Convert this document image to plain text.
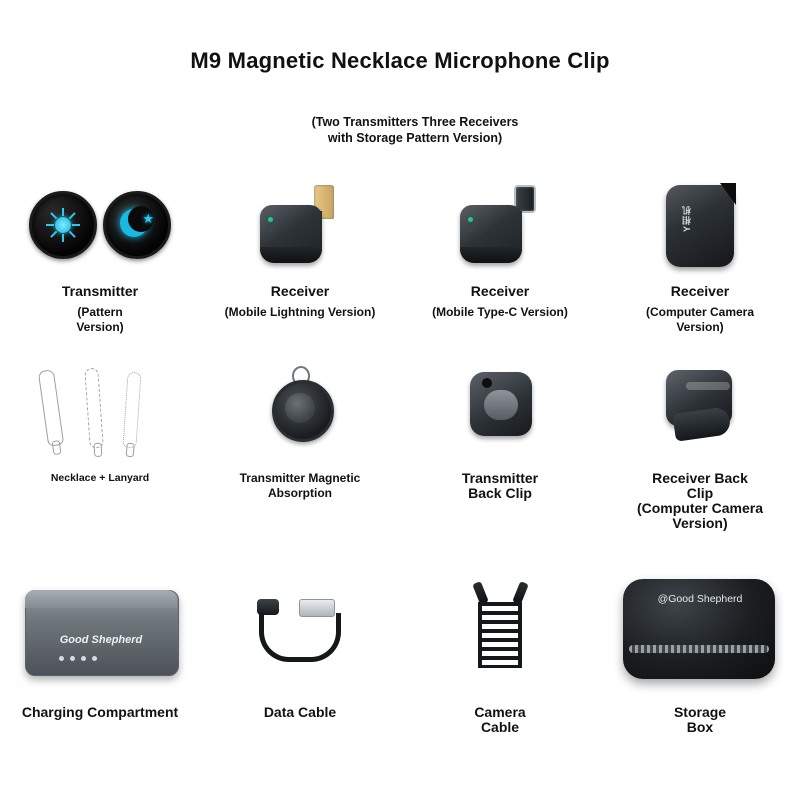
M9 Magnetic Necklace Microphone Clip
(Two Transmitters Three Receivers
with Storage Pattern Version)
★
Transmitter
(Pattern
Version)
Receiver
(Mobile Lightning Version)
Receiver
(Mobile Type-C Version)
Y相机
Receiver
(Computer Camera
Version)
Necklace + Lanyard	Transmitter Magnetic
Absorption
Transmitter
Back Clip
Receiver Back
Clip
(Computer Camera
Version)
Good Shepherd
Charging Compartment	Data Cable	Camera
Cable
@Good Shepherd
Storage
Box
